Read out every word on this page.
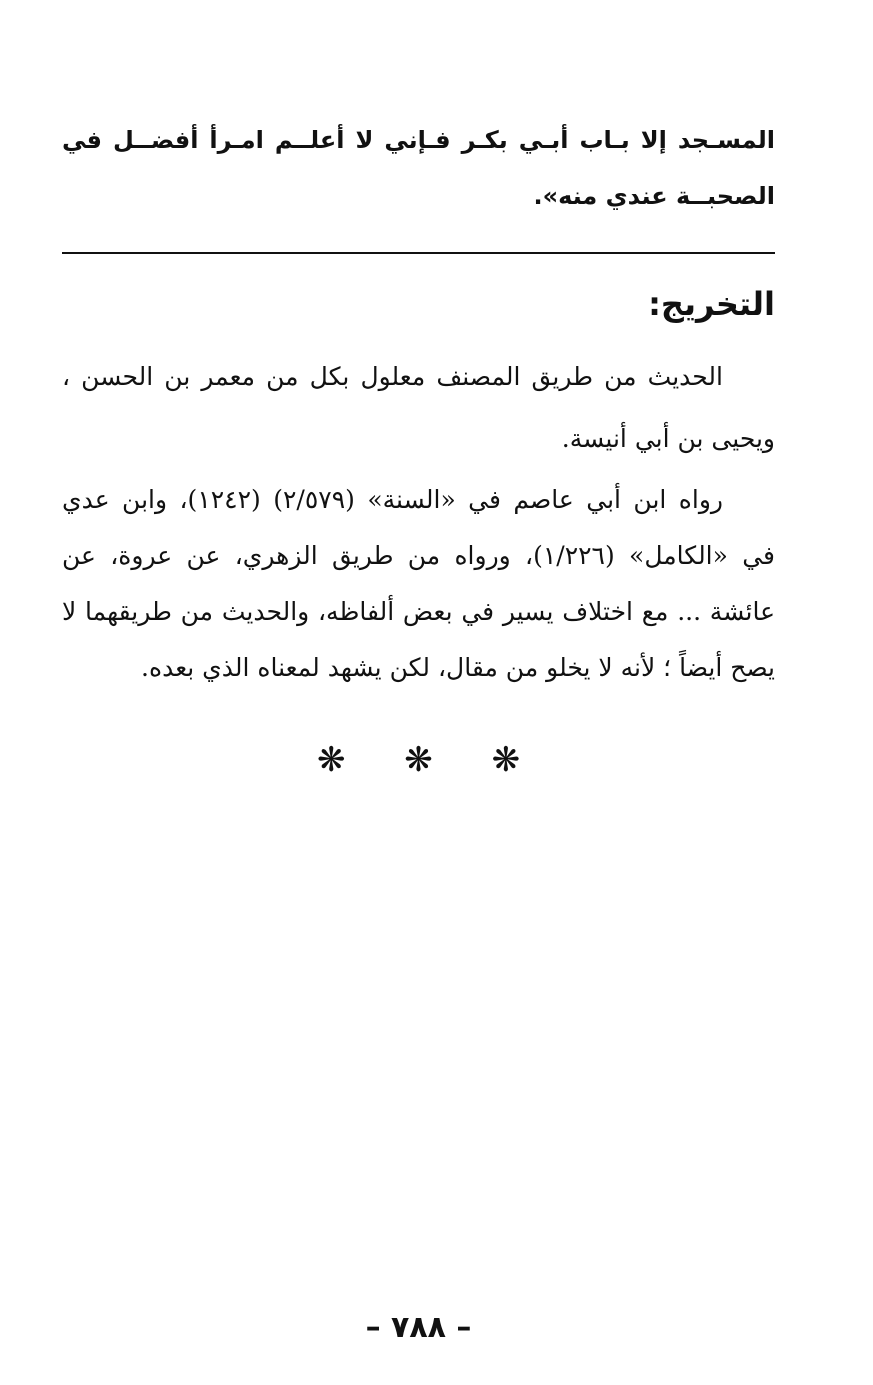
المسـجد إلا بـاب أبـي بكـر فـإني لا أعلــم امـرأ أفضــل في الصحبــة عندي منه».

التخريج:

الحديث من طريق المصنف معلول بكل من معمر بن الحسن ، ويحيى بن أبي أنيسة.

رواه ابن أبي عاصم في «السنة» (٢/٥٧٩) (١٢٤٢)، وابن عدي في «الكامل» (١/٢٢٦)، ورواه من طريق الزهري، عن عروة، عن عائشة ... مع اختلاف يسير في بعض ألفاظه، والحديث من طريقهما لا يصح أيضاً ؛ لأنه لا يخلو من مقال، لكن يشهد لمعناه الذي بعده.

❋ ❋ ❋
– ٧٨٨ –
